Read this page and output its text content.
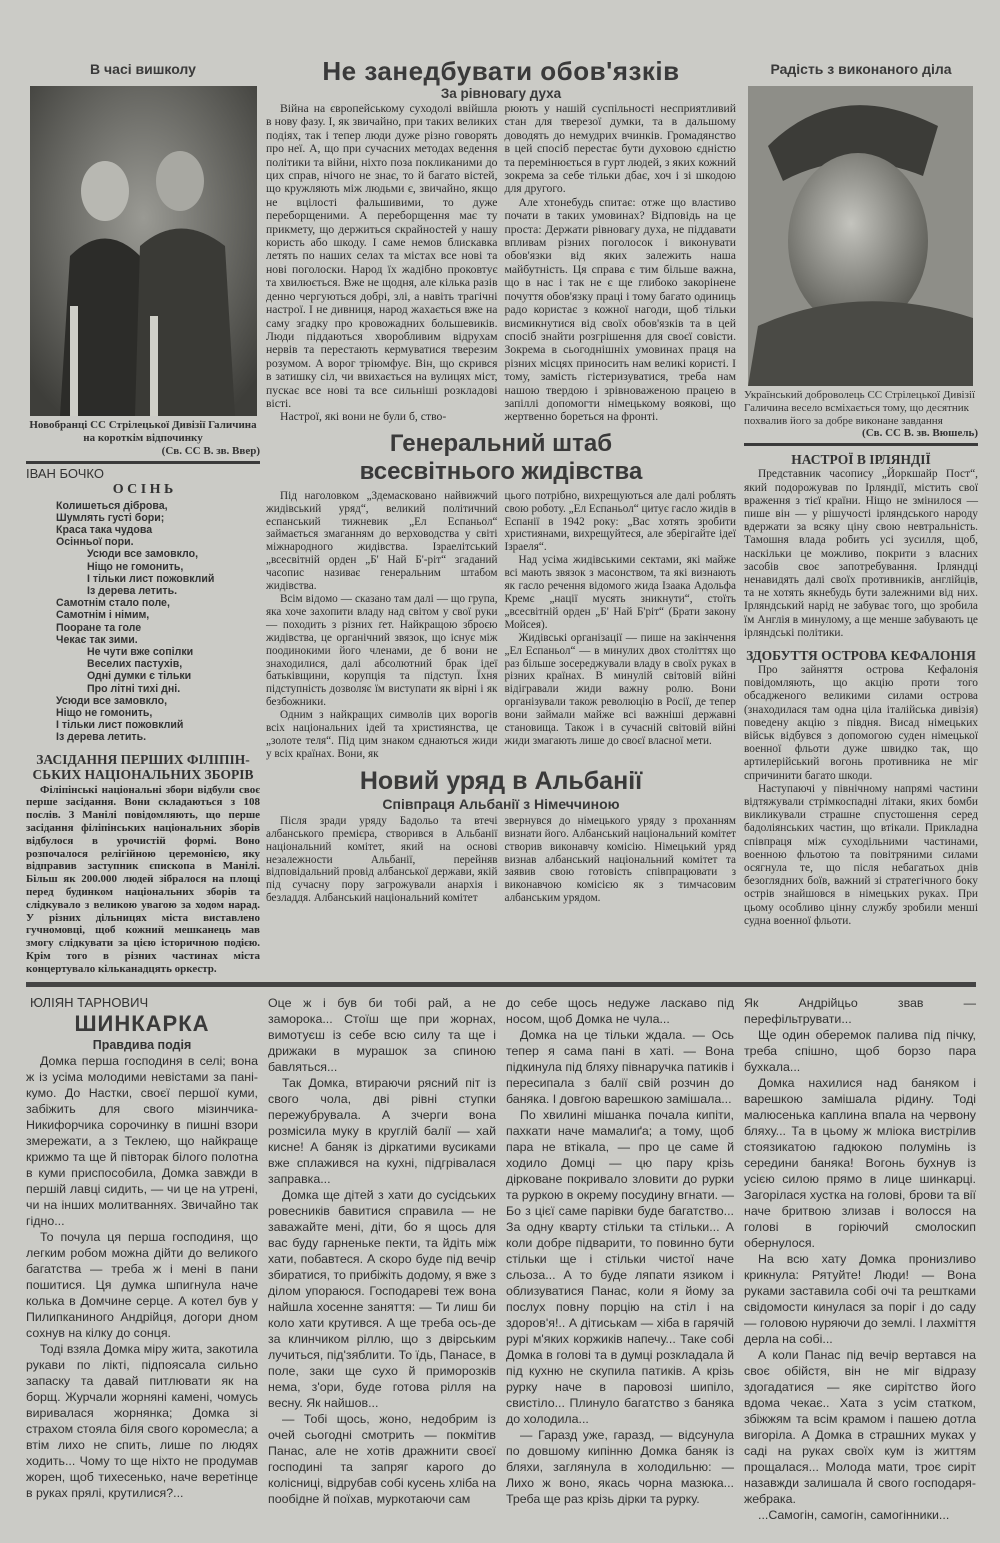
В часі вишколу
Новобранці СС Стрілецької Дивізії Галичина на короткім відпочинку
(Св. СС В. зв. Ввер)
ІВАН БОЧКО
О С І Н Ь
Колишеться діброва,
Шумлять густі бори;
Краса така чудова
Осінньої пори.
Усюди все замовкло,
Ніщо не гомонить,
І тільки лист пожовклий
Із дерева летить.
Самотнім стало поле,
Самотнім і німим,
Пооране та голе
Чекає так зими.
Не чути вже сопілки
Веселих пастухів,
Одні думки є тільки
Про літні тихі дні.
Усюди все замовкло,
Ніщо не гомонить,
І тільки лист пожовклий
Із дерева летить.
ЗАСІДАННЯ ПЕРШИХ ФІЛІПІН-СЬКИХ НАЦІОНАЛЬНИХ ЗБОРІВ

Філіпінські національні збори відбули своє перше засідання. Вони складаються з 108 послів. З Манілі повідомляють, що перше засідання філіпінських національних зборів відбулося в урочистій формі. Воно розпочалося релігійною церемонією, яку відправив заступник єпископа в Манілі. Більш як 200.000 людей зібралося на площі перед будинком національних зборів та слідкувало з великою увагою за ходом нарад. У різних дільницях міста виставлено гучномовці, щоб кожний мешканець мав змогу слідкувати за цією історичною подією. Крім того в різних частинах міста концертувало кільканадцять оркестр.

Не занедбувати обов'язків
За рівновагу духа

Війна на європейському суходолі ввійшла в нову фазу. І, як звичайно, при таких великих подіях, так і тепер люди дуже різно говорять про неї. А, що при сучасних методах ведення політики та війни, ніхто поза покликаними до цих справ, нічого не знає, то й багато вістей, що кружляють між людьми є, звичайно, якщо не вцілості фальшивими, то дуже переборщеними. А переборщення має ту прикмету, що держиться скрайностей у нашу користь або шкоду. І саме немов блискавка летять по наших селах та містах все нові та нові поголоски. Народ їх жадібно проковтує та хвилюється. Вже не щодня, але кілька разів денно чергуються добрі, злі, а навіть трагічні настрої. І не дивниця, народ жахається вже на саму згадку про кровожадних большевиків. Люди піддаються хворобливим відрухам нервів та перестають кермуватися тверезим розумом. А ворог тріюмфує. Він, що скрився в затишку сіл, чи ввихається на вулицях міст, пускає все нові та все сильніші розкладові вісті.

Настрої, які вони не були б, ство-

рюють у нашій суспільності несприятливий стан для тверезої думки, та в дальшому доводять до немудрих вчинків. Громадянство в цей спосіб перестає бути духовою єдністю та перемінюється в гурт людей, з яких кожний зокрема за себе тільки дбає, хоч і зі шкодою для другого.

Але хтонебудь спитає: отже що властиво почати в таких умовинах? Відповідь на це проста: Держати рівновагу духа, не піддавати впливам різних поголосок і виконувати обов'язки від яких залежить наша майбутність. Ця справа є тим більше важна, що в нас і так не є ще глибоко закорінене почуття обов'язку праці і тому багато одиниць радо користає з кожної нагоди, щоб тільки висмикнутися від своїх обов'язків та в цей спосіб знайти розгрішення для своєї совісти. Зокрема в сьогоднішніх умовинах праця на різних місцях приносить нам великі користі. І тому, замість гістеризуватися, треба нам нашою твердою і зрівноваженою працею в запіллі допомогти німецькому воякові, що жертвенно бореться на фронті.

Генеральний штаб
всесвітнього жидівства

Під наголовком „Здемасковано найвижчий жидівський уряд“, великий політичний еспанський тижневик „Ел Еспаньол“ займається змаганням до верховодства у світі міжнародного жидівства. Ізраелітський „всесвітній орден „Б' Най Б'-ріт“ згаданий часопис називає генеральним штабом жидівства.

Всім відомо — сказано там далі — що група, яка хоче захопити владу над світом у свої руки — походить з різних ґет. Найкращою зброєю жидівства, це органічний звязок, що існує між поодинокими його членами, де б вони не знаходилися, далі абсолютний брак ідеї батьківщини, корупція та підступ. Їхня підступність дозволяє їм виступати як вірні і як безбожники.

Одним з найкращих символів цих ворогів всіх національних ідей та християнства, це „золоте теля“. Під цим знаком єднаються жиди у всіх країнах. Вони, як

цього потрібно, вихрещуються але далі роблять свою роботу. „Ел Еспаньол“ цитує гасло жидів в Еспанії в 1942 року: „Вас хотять зробити християнами, вихрещуйтеся, але зберігайте ідеї Ізраеля“.

Над усіма жидівськими сектами, які майже всі мають звязок з масонством, та які визнають як гасло речення відомого жида Ізаака Адольфа Кремє „нації мусять зникнути“, стоїть „всесвітній орден „Б' Най Б'ріт“ (Брати закону Мойсея).

Жидівські організації — пише на закінчення „Ел Еспаньол“ — в минулих двох століттях що раз більше зосереджували владу в своїх руках в різних країнах. В минулій світовій війні відігравали жиди важну ролю. Вони організували також революцію в Росії, де тепер вони займали майже всі важніші державні становища. Також і в сучасній світовій війні жиди змагають лише до своєї власної мети.

Новий уряд в Альбанії
Співпраця Альбанії з Німеччиною

Після зради уряду Бадольо та втечі албанського премієра, створився в Альбанії національний комітет, який на основі незалежности Альбанії, перейняв відповідальний провід албанської держави, якій під сучасну пору загрожували анархія і безладдя. Албанський національний комітет

звернувся до німецького уряду з проханням визнати його. Албанський національний комітет створив виконавчу комісію. Німецький уряд визнав албанський національний комітет та заявив свою готовість співпрацювати з виконавчою комісією як з тимчасовим албанським урядом.

Радість з виконаного діла
Український доброволець СС Стрілецької Дивізії Галичина весело всміхається тому, що десятник похвалив його за добре виконане завдання
(Св. СС В. зв. Вюшель)
НАСТРОЇ В ІРЛЯНДІЇ

Представник часопису „Йоркшайр Пост“, який подорожував по Ірляндії, містить свої враження з тієї країни. Ніщо не змінилося — пише він — у рішучості ірляндського народу вдержати за всяку ціну свою невтральність. Тамошня влада робить усі зусилля, щоб, наскільки це можливо, покрити з власних засобів своє запотребування. Ірляндці ненавидять далі своїх противників, англійців, та не хотять якнебудь бути залежними від них. Ірляндський нарід не забуває того, що зробила їм Англія в минулому, а ще менше забувають це ірляндські політики.

ЗДОБУТТЯ ОСТРОВА КЕФАЛОНІЯ

Про зайняття острова Кефалонія повідомляють, що акцію проти того обсадженого великими силами острова (знаходилася там одна ціла італійська дивізія) поведену акцію з півдня. Висад німецьких військ відбувся з допомогою суден німецької военної фльоти дуже швидко так, що артилерійський вогонь противника не міг спричинити багато шкоди.

Наступаючі у північному напрямі частини відтяжували стрімкоспадні літаки, яких бомби викликували страшне спустошення серед бадоліянських частин, що втікали. Прикладна співпраця між суходільними частинами, военною фльотою та повітряними силами осягнула те, що після небагатьох днів безоглядних боїв, важний зі стратегічного боку острів знайшовся в німецьких руках. При цьому особливо цінну службу зробили менші судна военної фльоти.

ЮЛІЯН ТАРНОВИЧ
ШИНКАРКА
Правдива подія

Домка перша господиня в селі; вона ж із усіма молодими невістами за пані-кумо. До Настки, своєї першої куми, забіжить для свого мізинчика-Никифорчика сорочинку в пишні взори змережати, а з Теклею, що найкраще крижмо та ще й півторак білого полотна в куми приспособила, Домка завжди в першій лавці сидить, — чи це на утрені, чи на інших молитваннях. Звичайно так гідно...

То почула ця перша господиня, що легким робом можна дійти до великого багатства — треба ж і мені в пани пошитися. Ця думка шпигнула наче колька в Домчине серце. А котел був у Пилипканиного Андрійця, догори дном сохнув на кілку до сонця.

Тоді взяла Домка міру жита, закотила рукави по лікті, підпоясала сильно запаску та давай питлювати як на борщ. Журчали жорняні камені, чомусь виривалася жорнянка; Домка зі страхом стояла біля свого коромесла; а втім лихо не спить, лише по людях ходить... Чому то ще ніхто не продумав жорен, щоб тихесенько, наче веретінце в руках прялі, крутилися?...

Оце ж і був би тобі рай, а не заморока... Стоїш ще при жорнах, вимотуєш із себе всю силу та ще і дрижаки в мурашок за спиною бавляться...

Так Домка, втираючи рясний піт із свого чола, дві рівні ступки пережубрувала. А зчерги вона розмісила муку в круглій балії — хай кисне! А баняк із діркатими вусиками вже сплажився на кухні, підгрівалася заправка...

Домка ще дітей з хати до сусідських ровесників бавитися справила — не заважайте мені, діти, бо я щось для вас буду гарненьке пекти, та йдіть між хати, побавтеся. А скоро буде під вечір збиратися, то прибіжіть додому, я вже з ділом упораюся. Господареві теж вона найшла хосенне заняття: — Ти лиш би коло хати крутився. А ще треба ось-де за клинчиком ріллю, що з двірським лучиться, під'зяблити. То їдь, Панасе, в поле, заки ще сухо й приморозків нема, з'ори, буде готова рілля на весну. Як найшов...

— Тобі щось, жоно, недобрим із очей сьогодні смотрить — покмітив Панас, але не хотів дражнити своєї господині та запряг карого до колісниці, відрубав собі кусень хліба на пообідне й поїхав, муркотаючи сам

до себе щось недуже ласкаво під носом, щоб Домка не чула...

Домка на це тільки ждала. — Ось тепер я сама пані в хаті. — Вона підкинула під бляху півнаручка патиків і пересипала з балії свій розчин до баняка. І довгою варешкою замішала...

По хвилині мішанка почала кипіти, пахкати наче мамалиґа; а тому, щоб пара не втікала, — про це саме й ходило Домці — цю пару крізь дірковане покривало зловити до рурки та руркою в окрему посудину вгнати. — Бо з цієї саме парівки буде багатство... За одну кварту стільки та стільки... А коли добре підварити, то повинно бути стільки ще і стільки чистої наче сльоза... А то буде ляпати язиком і облизуватися Панас, коли я йому за послух повну порцію на стіл і на здоров'я!.. А дітиськам — хіба в гарячій рурі м'яких коржиків напечу... Таке собі Домка в голові та в думці розкладала й під кухню не скупила патиків. А крізь рурку наче в паровозі шипіло, свистіло... Плинуло багатство з баняка до холодила...

— Гаразд уже, гаразд, — відсунула по довшому кипінню Домка баняк із бляхи, заглянула в холодильню: — Лихо ж воно, якась чорна мазюка... Треба ще раз крізь дірки та рурку.

Як Андрійцьо звав — перефільтрувати...

Ще один оберемок палива під пічку, треба спішно, щоб борзо пара бухкала...

Домка нахилися над баняком і варешкою замішала рідину. Тоді малюсенька каплина впала на червону бляху... Та в цьому ж мліока вистрілив стоязикатою гадюкою полумінь із середини баняка! Вогонь бухнув із усією силою прямо в лице шинкарці. Загорілася хустка на голові, брови та вії наче бритвою злизав і волосся на голові в горіючий смолоскип обернулося.

На всю хату Домка пронизливо крикнула: Рятуйте! Люди! — Вона руками заставила собі очі та рештками свідомости кинулася за поріг і до саду — головою нуряючи до землі. І лахміття дерла на собі...

А коли Панас під вечір вертався на своє обійстя, він не міг відразу здогадатися — яке сирітство його вдома чекає.. Хата з усім статком, збіжжям та всім крамом і пашею дотла вигоріла. А Домка в страшних муках у саді на руках своїх кум із життям прощалася... Молода мати, троє сиріт назавжди залишала й свого господаря-жебрака.

...Самогін, самогін, самогінники...
